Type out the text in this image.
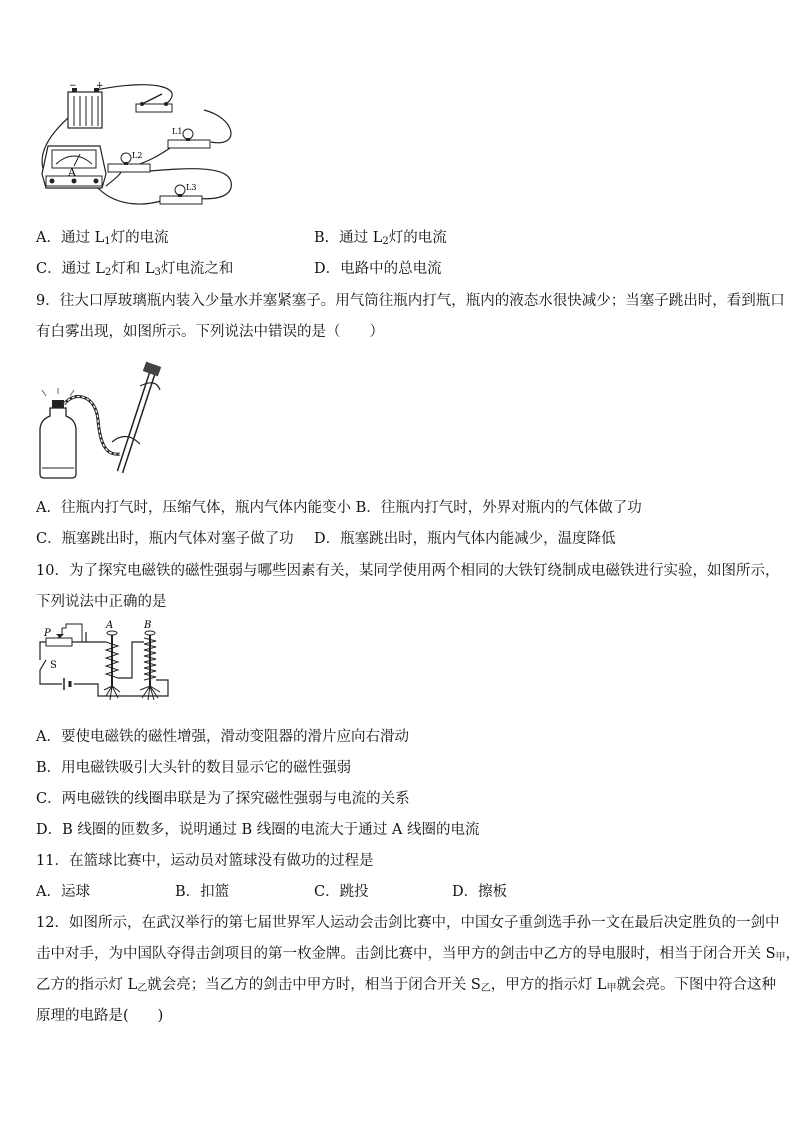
− +
A
L1
L2
L3
A．通过 $L_1$灯的电流	B．通过 $L_2$灯的电流
C．通过 $L_2$灯和 $L_3$灯电流之和	D．电路中的总电流
9．往大口厚玻璃瓶内装入少量水并塞紧塞子。用气筒往瓶内打气，瓶内的液态水很快减少；当塞子跳出时，看到瓶口
有白雾出现，如图所示。下列说法中错误的是（　　）
A．往瓶内打气时，压缩气体，瓶内气体内能变小 B．往瓶内打气时，外界对瓶内的气体做了功
C．瓶塞跳出时，瓶内气体对塞子做了功 D．瓶塞跳出时，瓶内气体内能减少，温度降低
10．为了探究电磁铁的磁性强弱与哪些因素有关，某同学使用两个相同的大铁钉绕制成电磁铁进行实验，如图所示，
下列说法中正确的是
P
S
A	B
A．要使电磁铁的磁性增强，滑动变阻器的滑片应向右滑动
B．用电磁铁吸引大头针的数目显示它的磁性强弱
C．两电磁铁的线圈串联是为了探究磁性强弱与电流的关系
D．B 线圈的匝数多，说明通过 B 线圈的电流大于通过 A 线圈的电流
11．在篮球比赛中，运动员对篮球没有做功的过程是
A．运球	B．扣篮	C．跳投	D．擦板
12．如图所示，在武汉举行的第七届世界军人运动会击剑比赛中，中国女子重剑选手孙一文在最后决定胜负的一剑中
击中对手，为中国队夺得击剑项目的第一枚金牌。击剑比赛中，当甲方的剑击中乙方的导电服时，相当于闭合开关 $S_甲$，
乙方的指示灯 $L_乙$就会亮；当乙方的剑击中甲方时，相当于闭合开关 $S_乙$，甲方的指示灯 $L_甲$就会亮。下图中符合这种
原理的电路是(　　)
